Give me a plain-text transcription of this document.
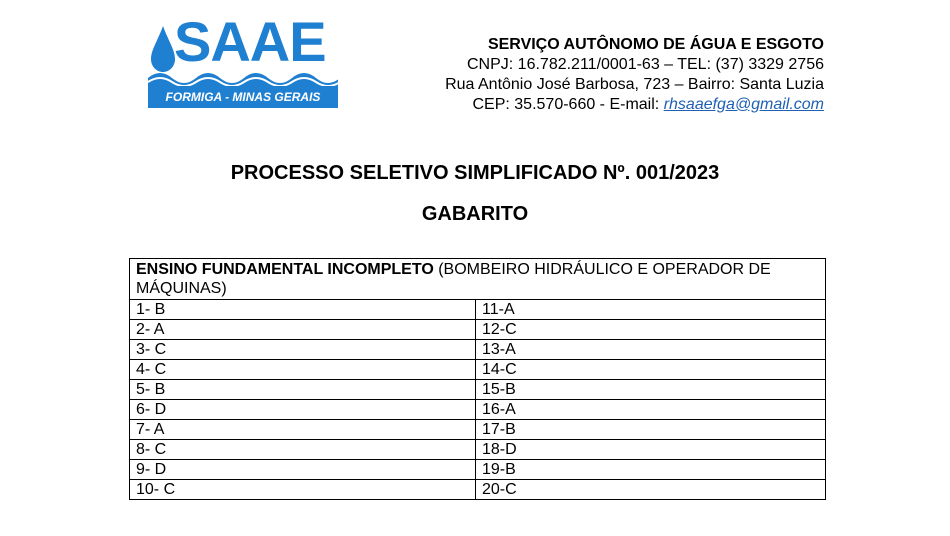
SAAE
FORMIGA - MINAS GERAIS
SERVIÇO AUTÔNOMO DE ÁGUA E ESGOTO
CNPJ: 16.782.211/0001-63 – TEL: (37) 3329 2756
Rua Antônio José Barbosa, 723 – Bairro: Santa Luzia
CEP: 35.570-660 - E-mail: rhsaaefga@gmail.com
PROCESSO SELETIVO SIMPLIFICADO Nº. 001/2023
GABARITO
ENSINO FUNDAMENTAL INCOMPLETO (BOMBEIRO HIDRÁULICO E OPERADOR DE MÁQUINAS)	
1- B	11-A
2- A	12-C
3- C	13-A
4- C	14-C
5- B	15-B
6- D	16-A
7- A	17-B
8- C	18-D
9- D	19-B
10- C	20-C
